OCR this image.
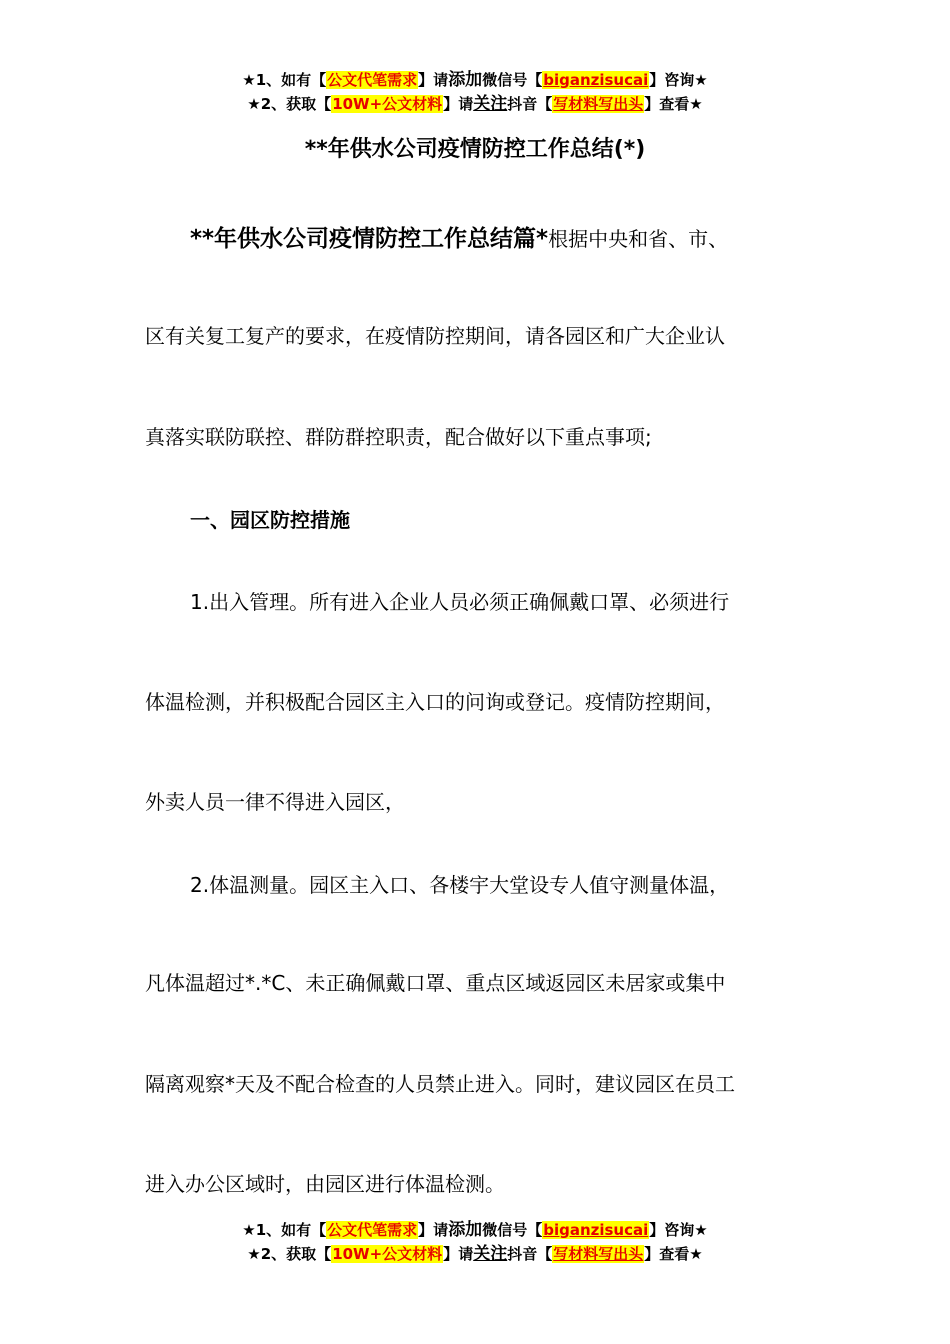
★1、如有【公文代笔需求】请添加微信号【biganzisucai】咨询★
★2、获取【10W+公文材料】请关注抖音【写材料写出头】查看★
**年供水公司疫情防控工作总结(*)
**年供水公司疫情防控工作总结篇*根据中央和省、市、
区有关复工复产的要求，在疫情防控期间，请各园区和广大企业认
真落实联防联控、群防群控职责，配合做好以下重点事项;
一、园区防控措施
1.出入管理。所有进入企业人员必须正确佩戴口罩、必须进行
体温检测，并积极配合园区主入口的问询或登记。疫情防控期间，
外卖人员一律不得进入园区，
2.体温测量。园区主入口、各楼宇大堂设专人值守测量体温，
凡体温超过*.*C、未正确佩戴口罩、重点区域返园区未居家或集中
隔离观察*天及不配合检查的人员禁止进入。同时，建议园区在员工
进入办公区域时，由园区进行体温检测。
★1、如有【公文代笔需求】请添加微信号【biganzisucai】咨询★
★2、获取【10W+公文材料】请关注抖音【写材料写出头】查看★
